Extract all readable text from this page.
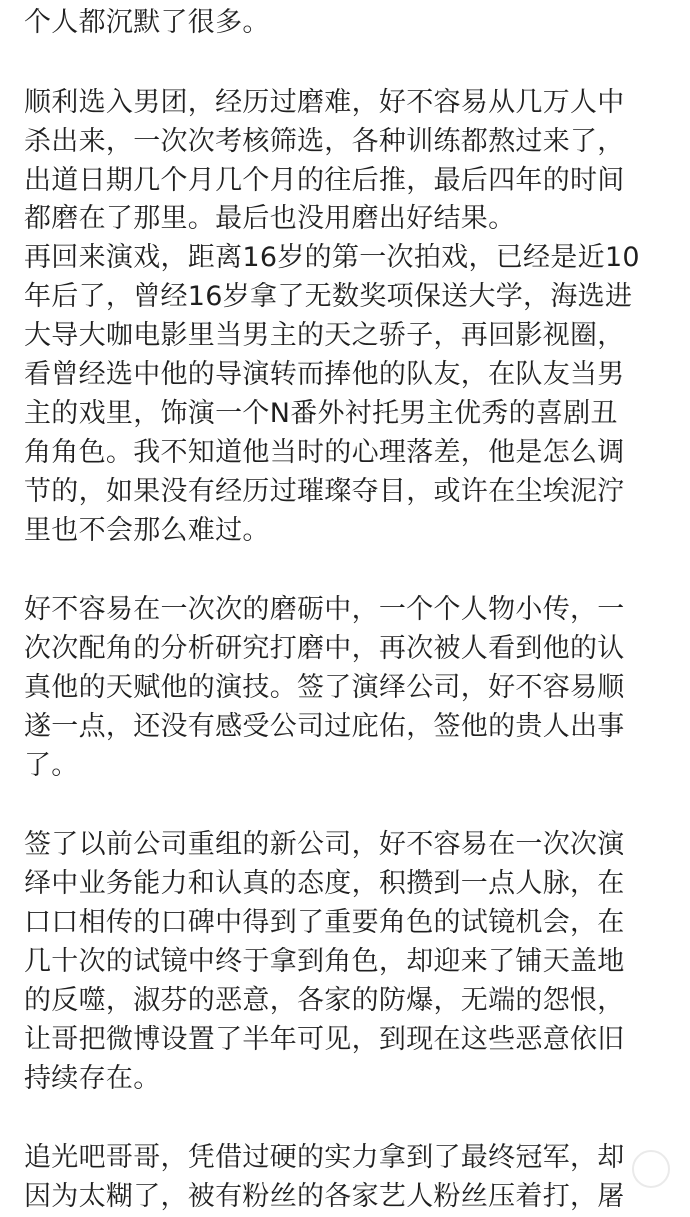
个人都沉默了很多。
顺利选入男团，经历过磨难，好不容易从几万人中
杀出来，一次次考核筛选，各种训练都熬过来了，
出道日期几个月几个月的往后推，最后四年的时间
都磨在了那里。最后也没用磨出好结果。
再回来演戏，距离16岁的第一次拍戏，已经是近10
年后了，曾经16岁拿了无数奖项保送大学，海选进
大导大咖电影里当男主的天之骄子，再回影视圈，
看曾经选中他的导演转而捧他的队友，在队友当男
主的戏里，饰演一个N番外衬托男主优秀的喜剧丑
角角色。我不知道他当时的心理落差，他是怎么调
节的，如果没有经历过璀璨夺目，或许在尘埃泥泞
里也不会那么难过。
好不容易在一次次的磨砺中，一个个人物小传，一
次次配角的分析研究打磨中，再次被人看到他的认
真他的天赋他的演技。签了演绎公司，好不容易顺
遂一点，还没有感受公司过庇佑，签他的贵人出事
了。
签了以前公司重组的新公司，好不容易在一次次演
绎中业务能力和认真的态度，积攒到一点人脉，在
口口相传的口碑中得到了重要角色的试镜机会，在
几十次的试镜中终于拿到角色，却迎来了铺天盖地
的反噬，淑芬的恶意，各家的防爆，无端的怨恨，
让哥把微博设置了半年可见，到现在这些恶意依旧
持续存在。
追光吧哥哥，凭借过硬的实力拿到了最终冠军，却
因为太糊了，被有粉丝的各家艺人粉丝压着打，屠
